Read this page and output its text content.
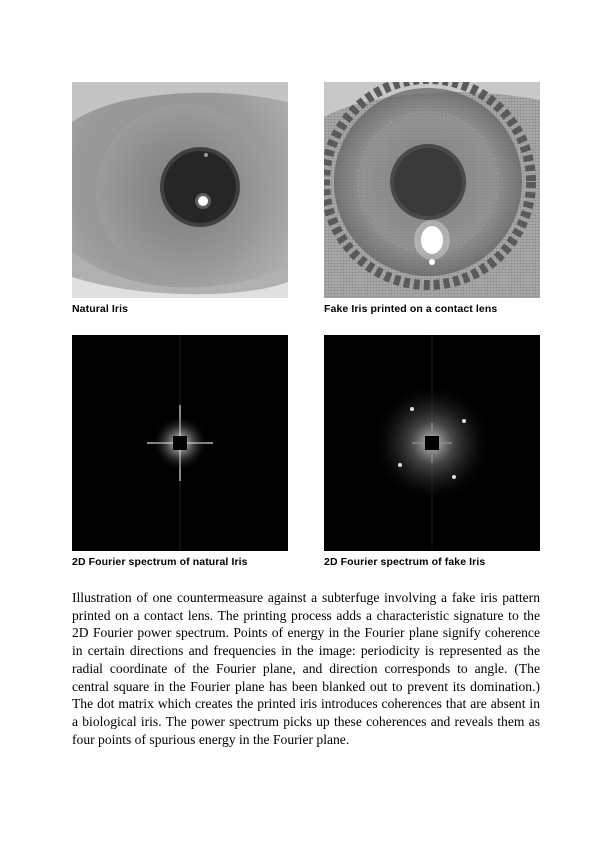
Natural Iris	Fake Iris printed on a contact lens
2D Fourier spectrum of natural Iris	2D Fourier spectrum of fake Iris

Illustration of one countermeasure against a subterfuge involving a fake iris pattern printed on a contact lens. The printing process adds a characteristic signature to the 2D Fourier power spectrum. Points of energy in the Fourier plane signify coherence in certain directions and frequencies in the image: periodicity is represented as the radial coordinate of the Fourier plane, and direction corresponds to angle. (The central square in the Fourier plane has been blanked out to prevent its domination.) The dot matrix which creates the printed iris introduces coherences that are absent in a biological iris. The power spectrum picks up these coherences and reveals them as four points of spurious energy in the Fourier plane.
